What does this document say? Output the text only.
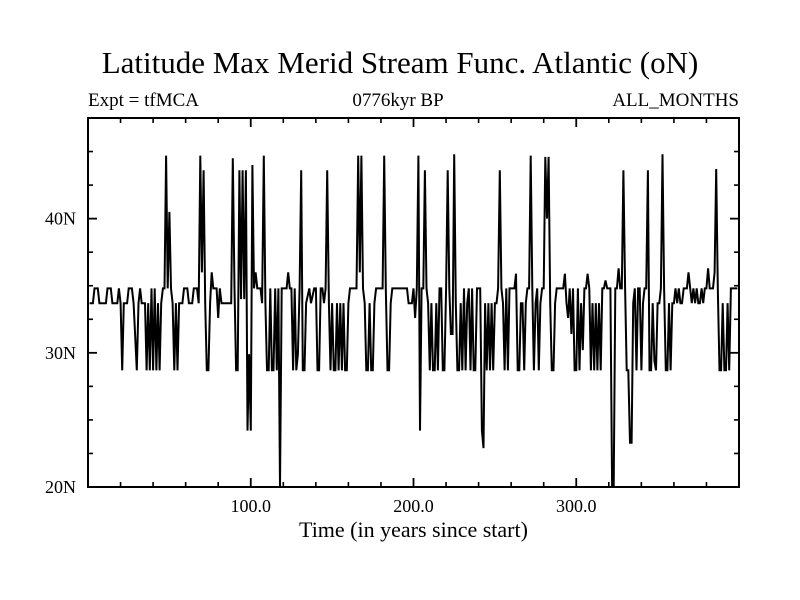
Latitude Max Merid Stream Func. Atlantic (oN)
Expt = tfMCA	0776kyr BP	ALL_MONTHS
100.0	200.0	300.0
20N
30N
40N
Time (in years since start)
